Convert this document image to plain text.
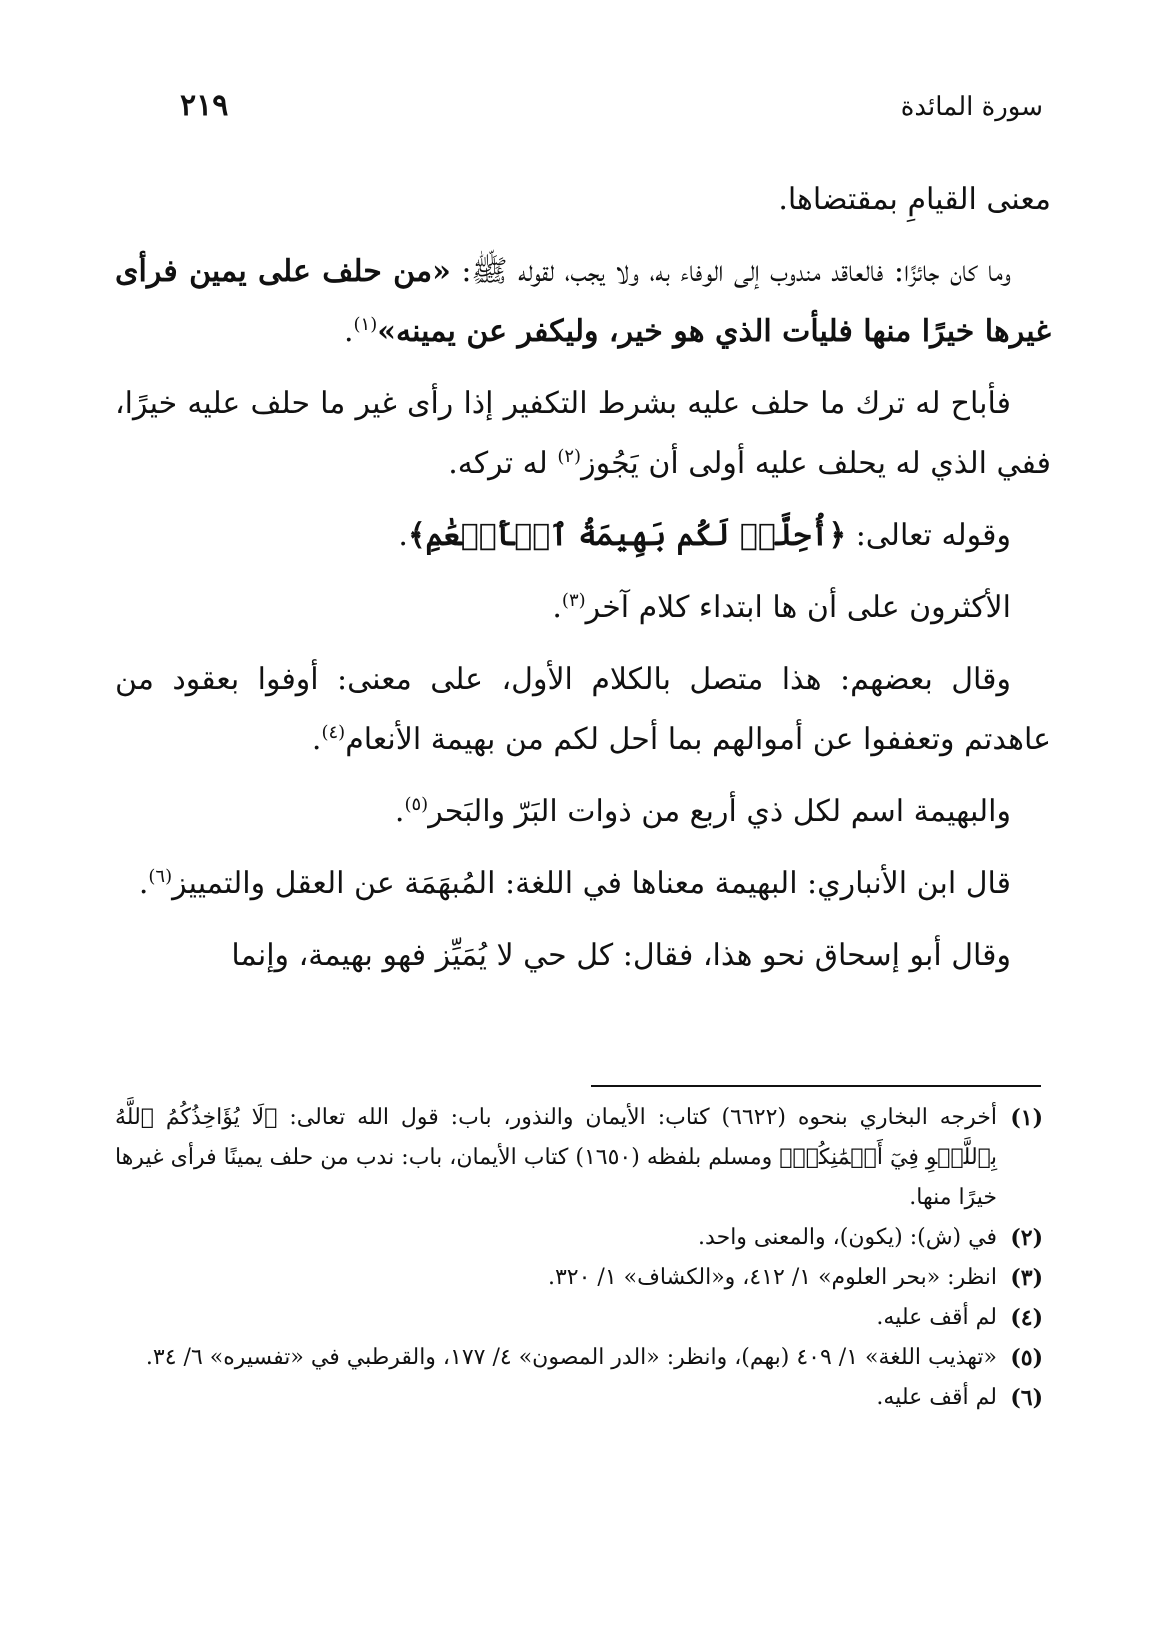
سورة المائدة
٢١٩

معنى القيامِ بمقتضاها.

وما كان جائزًا: فالعاقد مندوب إلى الوفاء به، ولا يجب، لقوله ﷺ: «من حلف على يمين فرأى غيرها خيرًا منها فليأت الذي هو خير، وليكفر عن يمينه»$^{(١)}$.

فأباح له ترك ما حلف عليه بشرط التكفير إذا رأى غير ما حلف عليه خيرًا، ففي الذي له يحلف عليه أولى أن يَجُوز$^{(٢)}$ له تركه.

وقوله تعالى: ﴿أُحِلَّتۡ لَكُم بَهِيمَةُ ٱلۡأَنۡعَٰمِ﴾.

الأكثرون على أن ها ابتداء كلام آخر$^{(٣)}$.

وقال بعضهم: هذا متصل بالكلام الأول، على معنى: أوفوا بعقود من عاهدتم وتعففوا عن أموالهم بما أحل لكم من بهيمة الأنعام$^{(٤)}$.

والبهيمة اسم لكل ذي أربع من ذوات البَرّ والبَحر$^{(٥)}$.

قال ابن الأنباري: البهيمة معناها في اللغة: المُبهَمَة عن العقل والتمييز$^{(٦)}$.

وقال أبو إسحاق نحو هذا، فقال: كل حي لا يُمَيِّز فهو بهيمة، وإنما

(١)
أخرجه البخاري بنحوه (٦٦٢٢) كتاب: الأيمان والنذور، باب: قول الله تعالى: ﴿لَا يُؤَاخِذُكُمُ ٱللَّهُ بِٱللَّغۡوِ فِيٓ أَيۡمَٰنِكُمۡ﴾ ومسلم بلفظه (١٦٥٠) كتاب الأيمان، باب: ندب من حلف يمينًا فرأى غيرها خيرًا منها.
(٢)
في (ش): (يكون)، والمعنى واحد.
(٣)
انظر: «بحر العلوم» ١/ ٤١٢، و«الكشاف» ١/ ٣٢٠.
(٤)
لم أقف عليه.
(٥)
«تهذيب اللغة» ١/ ٤٠٩ (بهم)، وانظر: «الدر المصون» ٤/ ١٧٧، والقرطبي في «تفسيره» ٦/ ٣٤.
(٦)
لم أقف عليه.
